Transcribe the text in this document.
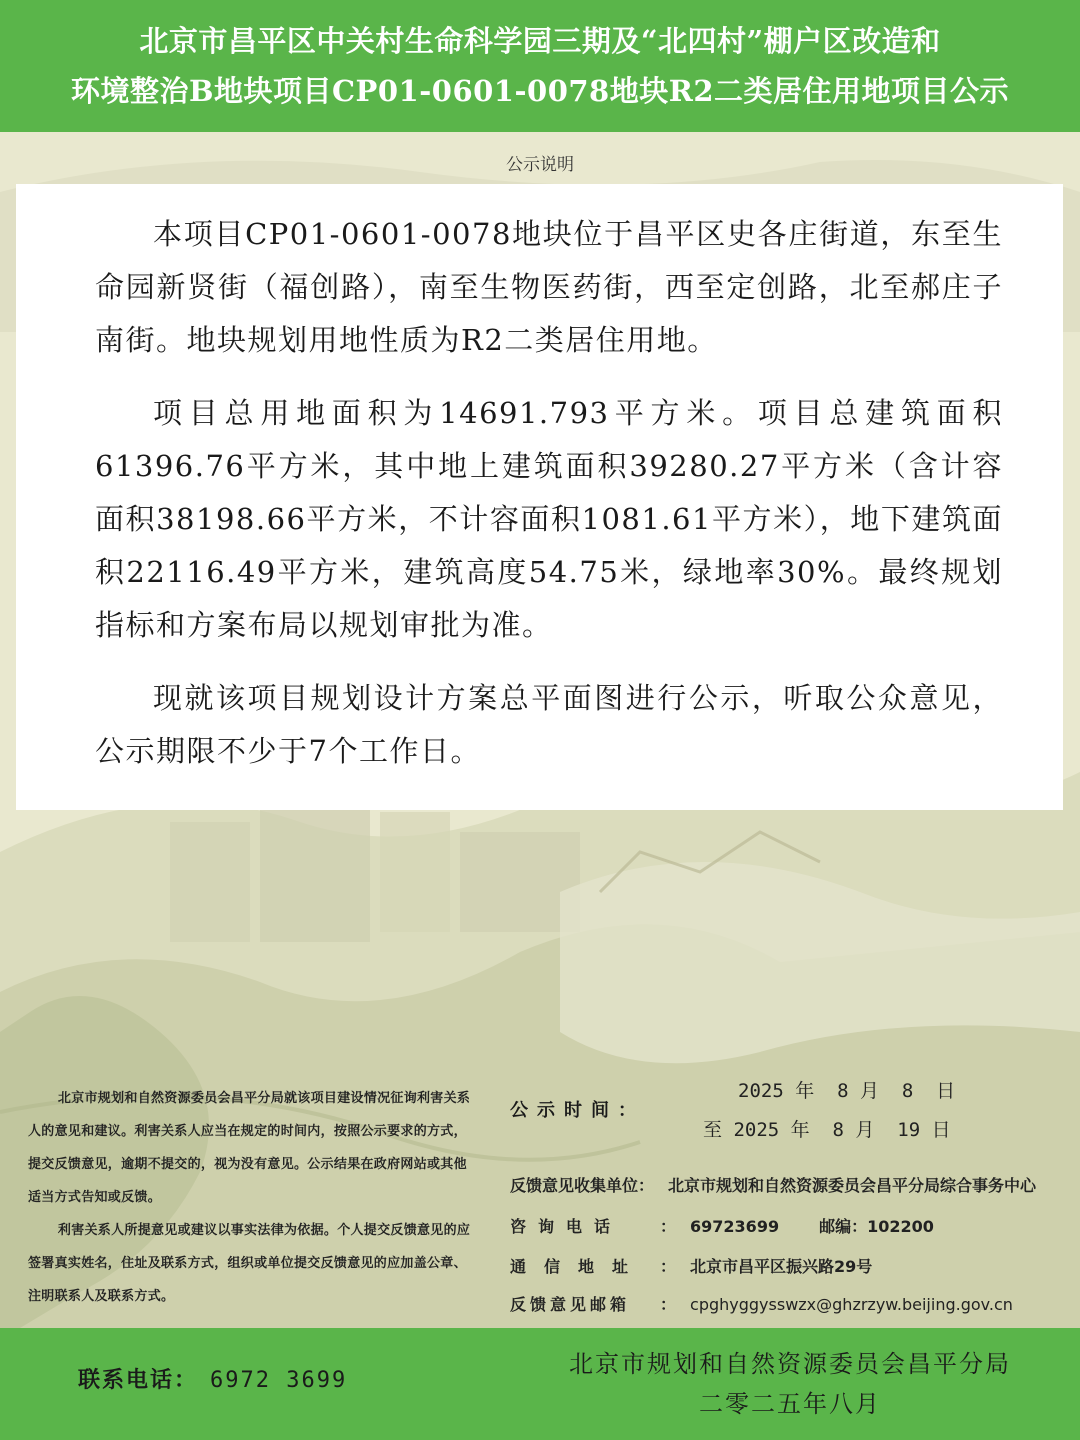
北京市昌平区中关村生命科学园三期及“北四村”棚户区改造和
环境整治B地块项目CP01-0601-0078地块R2二类居住用地项目公示
公示说明

本项目CP01-0601-0078地块位于昌平区史各庄街道，东至生命园新贤街（福创路），南至生物医药街，西至定创路，北至郝庄子南街。地块规划用地性质为R2二类居住用地。

项目总用地面积为14691.793平方米。项目总建筑面积61396.76平方米，其中地上建筑面积39280.27平方米（含计容面积38198.66平方米，不计容面积1081.61平方米），地下建筑面积22116.49平方米，建筑高度54.75米，绿地率30%。最终规划指标和方案布局以规划审批为准。

现就该项目规划设计方案总平面图进行公示，听取公众意见，公示期限不少于7个工作日。

北京市规划和自然资源委员会昌平分局就该项目建设情况征询利害关系人的意见和建议。利害关系人应当在规定的时间内，按照公示要求的方式，提交反馈意见，逾期不提交的，视为没有意见。公示结果在政府网站或其他适当方式告知或反馈。

利害关系人所提意见或建议以事实法律为依据。个人提交反馈意见的应签署真实姓名，住址及联系方式，组织或单位提交反馈意见的应加盖公章、注明联系人及联系方式。

公示时间：
2025 年  8 月  8  日
至 2025 年  8 月  19 日
反馈意见收集单位： 北京市规划和自然资源委员会昌平分局综合事务中心
咨询电话 ： 69723699	邮编：102200
通信地址 ： 北京市昌平区振兴路29号
反馈意见邮箱 ： cpghyggysswzx@ghzrzyw.beijing.gov.cn
联系电话： 6972 3699
北京市规划和自然资源委员会昌平分局
二零二五年八月
